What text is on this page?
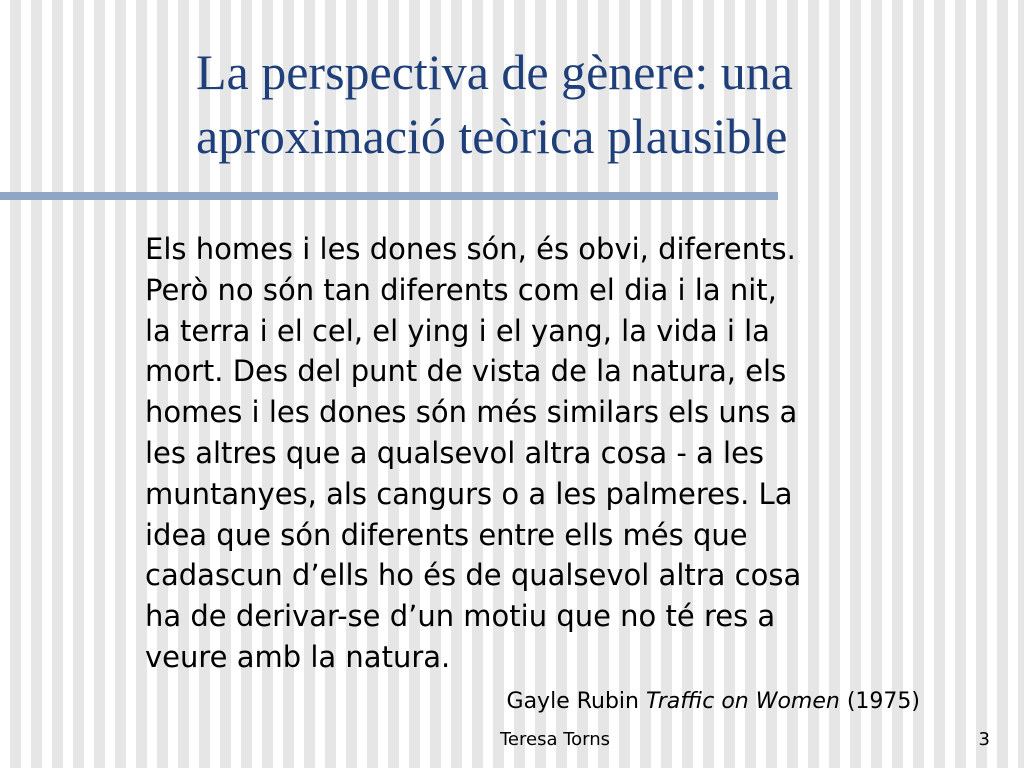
La perspectiva de gènere: una
aproximació teòrica plausible

Els homes i les dones són, és obvi, diferents.
Però no són tan diferents com el dia i la nit,
la terra i el cel, el ying i el yang, la vida i la
mort. Des del punt de vista de la natura, els
homes i les dones són més similars els uns a
les altres que a qualsevol altra cosa - a les
muntanyes, als cangurs o a les palmeres. La
idea que són diferents entre ells més que
cadascun d’ells ho és de qualsevol altra cosa
ha de derivar-se d’un motiu que no té res a
veure amb la natura.

Gayle Rubin Traffic on Women (1975)

Teresa Torns	3
